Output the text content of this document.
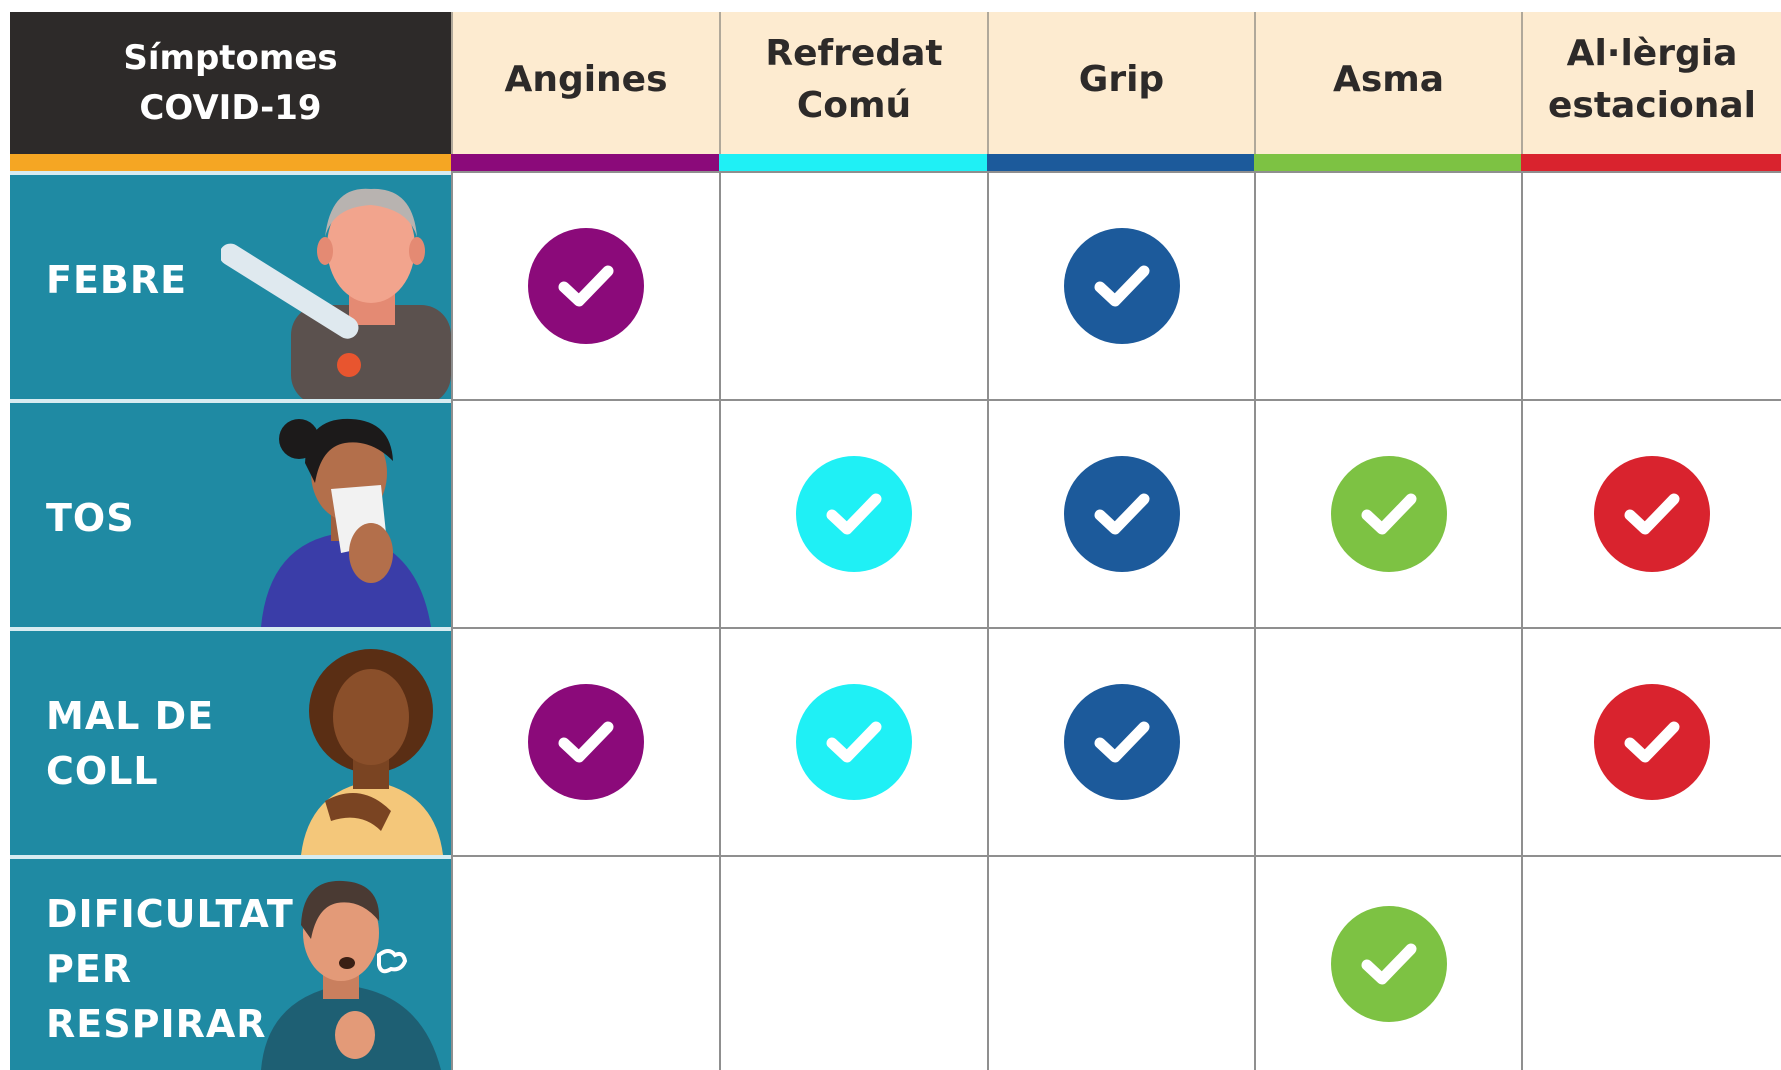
Símptomes
COVID-19
Angines
Refredat
Comú
Grip	Asma
Al·lèrgia
estacional
FEBRE
TOS
MAL DE
COLL
DIFICULTAT
PER
RESPIRAR
